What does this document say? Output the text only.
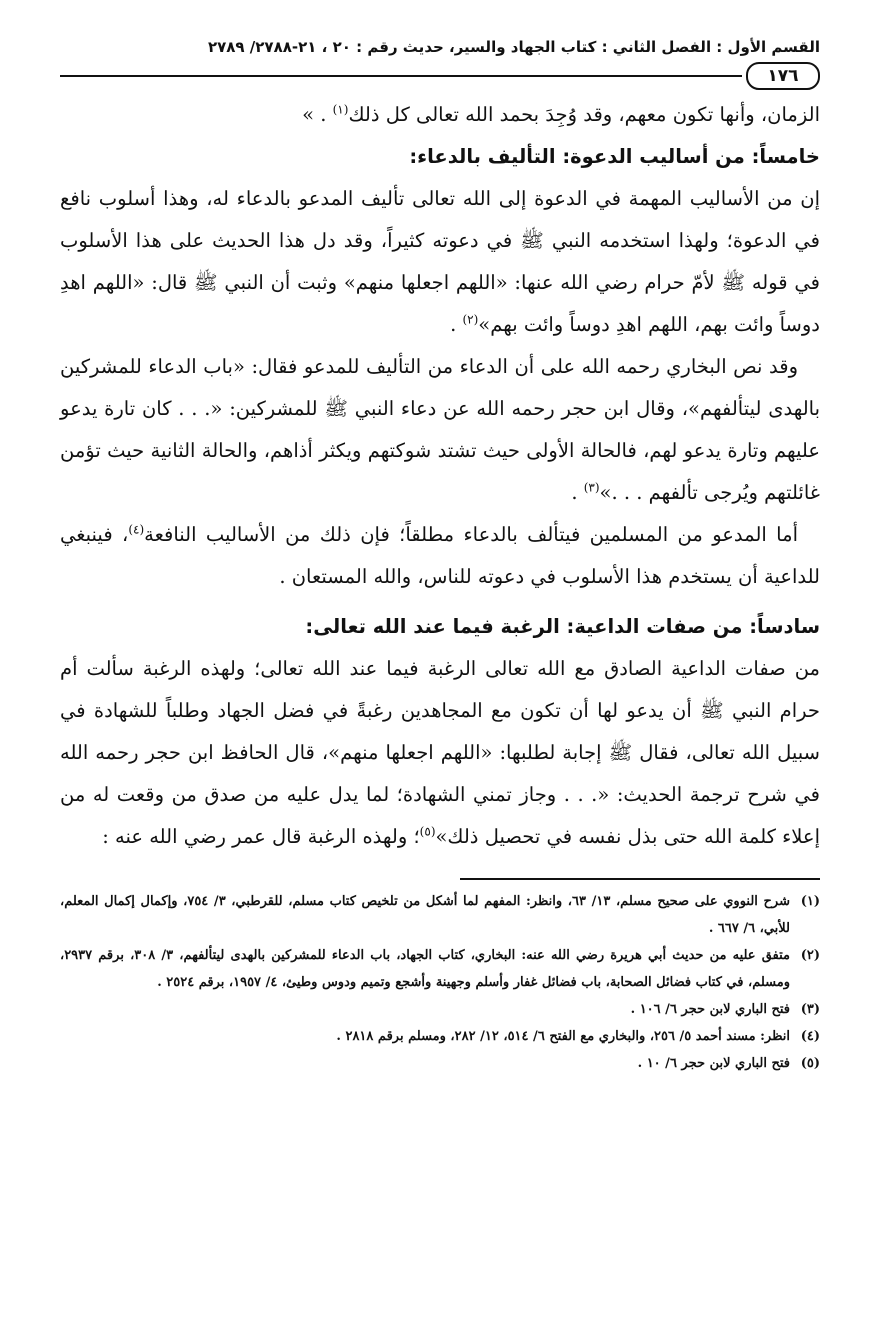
القسم الأول : الفصل الثاني : كتاب الجهاد والسير، حديث رقم : ٢٠ ، ٢١-٢٧٨٨/ ٢٧٨٩
١٧٦

الزمان، وأنها تكون معهم، وقد وُجِدَ بحمد الله تعالى كل ذلك$^{(١)}$ . »

خامساً: من أساليب الدعوة: التأليف بالدعاء:

إن من الأساليب المهمة في الدعوة إلى الله تعالى تأليف المدعو بالدعاء له، وهذا أسلوب نافع في الدعوة؛ ولهذا استخدمه النبي ﷺ في دعوته كثيراً، وقد دل هذا الحديث على هذا الأسلوب في قوله ﷺ لأمّ حرام رضي الله عنها: «اللهم اجعلها منهم» وثبت أن النبي ﷺ قال: «اللهم اهدِ دوساً وائت بهم، اللهم اهدِ دوساً وائت بهم»$^{(٢)}$ .

وقد نص البخاري رحمه الله على أن الدعاء من التأليف للمدعو فقال: «باب الدعاء للمشركين بالهدى ليتألفهم»، وقال ابن حجر رحمه الله عن دعاء النبي ﷺ للمشركين: «. . . كان تارة يدعو عليهم وتارة يدعو لهم، فالحالة الأولى حيث تشتد شوكتهم ويكثر أذاهم، والحالة الثانية حيث تؤمن غائلتهم ويُرجى تألفهم . . .»$^{(٣)}$ .

أما المدعو من المسلمين فيتألف بالدعاء مطلقاً؛ فإن ذلك من الأساليب النافعة$^{(٤)}$، فينبغي للداعية أن يستخدم هذا الأسلوب في دعوته للناس، والله المستعان .

سادساً: من صفات الداعية: الرغبة فيما عند الله تعالى:

من صفات الداعية الصادق مع الله تعالى الرغبة فيما عند الله تعالى؛ ولهذه الرغبة سألت أم حرام النبي ﷺ أن يدعو لها أن تكون مع المجاهدين رغبةً في فضل الجهاد وطلباً للشهادة في سبيل الله تعالى، فقال ﷺ إجابة لطلبها: «اللهم اجعلها منهم»، قال الحافظ ابن حجر رحمه الله في شرح ترجمة الحديث: «. . . وجاز تمني الشهادة؛ لما يدل عليه من صدق من وقعت له من إعلاء كلمة الله حتى بذل نفسه في تحصيل ذلك»$^{(٥)}$؛ ولهذه الرغبة قال عمر رضي الله عنه :

(١)
شرح النووي على صحيح مسلم، ١٣/ ٦٣، وانظر: المفهم لما أشكل من تلخيص كتاب مسلم، للقرطبي، ٣/ ٧٥٤، وإكمال إكمال المعلم، للأبي، ٦/ ٦٦٧ .
(٢)
متفق عليه من حديث أبي هريرة رضي الله عنه: البخاري، كتاب الجهاد، باب الدعاء للمشركين بالهدى ليتألفهم، ٣/ ٣٠٨، برقم ٢٩٣٧، ومسلم، في كتاب فضائل الصحابة، باب فضائل غفار وأسلم وجهينة وأشجع وتميم ودوس وطيئ، ٤/ ١٩٥٧، برقم ٢٥٢٤ .
(٣)
فتح الباري لابن حجر ٦/ ١٠٦ .
(٤)
انظر: مسند أحمد ٥/ ٢٥٦، والبخاري مع الفتح ٦/ ٥١٤، ١٢/ ٢٨٢، ومسلم برقم ٢٨١٨ .
(٥)
فتح الباري لابن حجر ٦/ ١٠ .
